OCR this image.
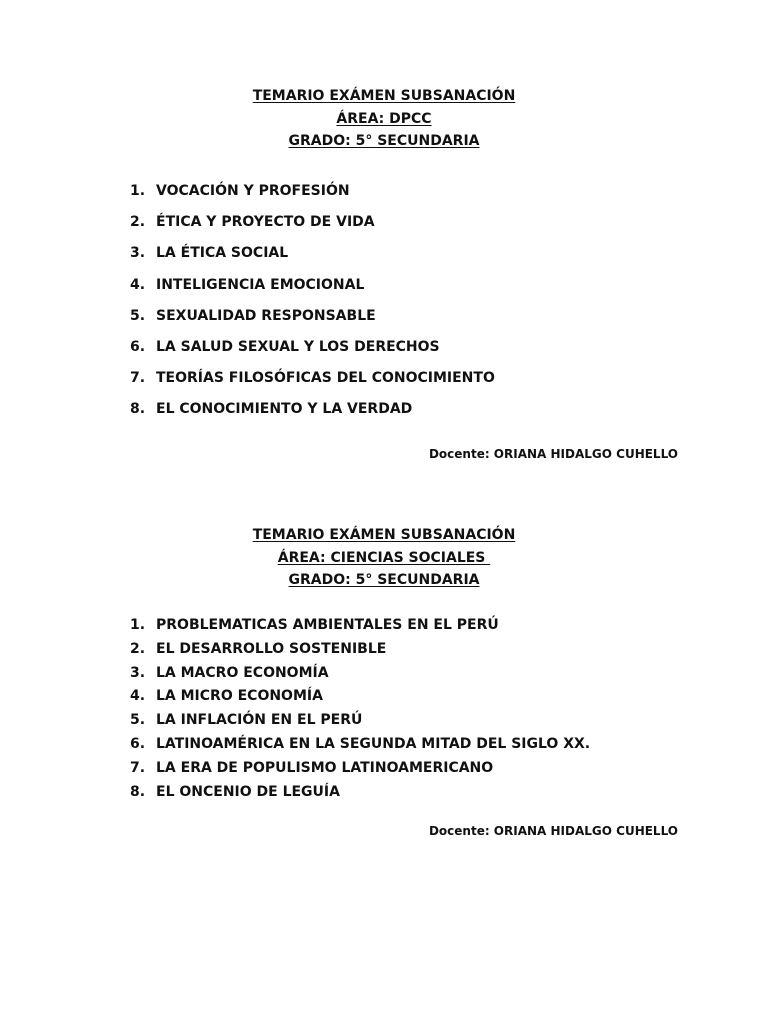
TEMARIO EXÁMEN SUBSANACIÓN
ÁREA: DPCC
GRADO: 5° SECUNDARIA
1. VOCACIÓN Y PROFESIÓN
2. ÉTICA Y PROYECTO DE VIDA
3. LA ÉTICA SOCIAL
4. INTELIGENCIA EMOCIONAL
5. SEXUALIDAD RESPONSABLE
6. LA SALUD SEXUAL Y LOS DERECHOS
7. TEORÍAS FILOSÓFICAS DEL CONOCIMIENTO
8. EL CONOCIMIENTO Y LA VERDAD
Docente: ORIANA HIDALGO CUHELLO
TEMARIO EXÁMEN SUBSANACIÓN
ÁREA: CIENCIAS SOCIALES
GRADO: 5° SECUNDARIA
1. PROBLEMATICAS AMBIENTALES EN EL PERÚ
2. EL DESARROLLO SOSTENIBLE
3. LA MACRO ECONOMÍA
4. LA MICRO ECONOMÍA
5. LA INFLACIÓN EN EL PERÚ
6. LATINOAMÉRICA EN LA SEGUNDA MITAD DEL SIGLO XX.
7. LA ERA DE POPULISMO LATINOAMERICANO
8. EL ONCENIO DE LEGUÍA
Docente: ORIANA HIDALGO CUHELLO
